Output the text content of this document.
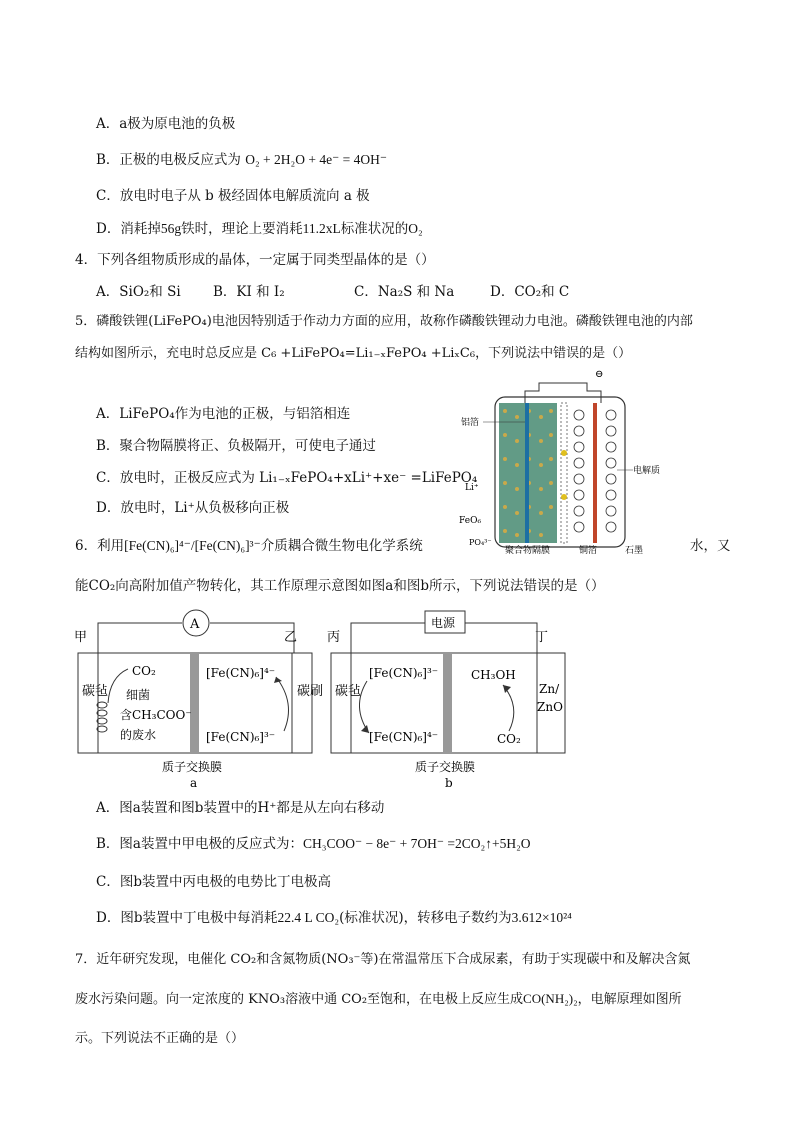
A．a极为原电池的负极
B．正极的电极反应式为 O₂ + 2H₂O + 4e⁻ = 4OH⁻
C．放电时电子从 b 极经固体电解质流向 a 极
D．消耗掉56g铁时，理论上要消耗11.2xL标准状况的O₂
4．下列各组物质形成的晶体，一定属于同类型晶体的是（）
A．SiO₂和 Si B．KI 和 I₂	C．Na₂S 和 Na	D．CO₂和 C
5．磷酸铁锂(LiFePO₄)电池因特别适于作动力方面的应用，故称作磷酸铁锂动力电池。磷酸铁锂电池的内部
结构如图所示，充电时总反应是 C₆ +LiFePO₄=Li₁₋ₓFePO₄ +LiₓC₆，下列说法中错误的是（）
A．LiFePO₄作为电池的正极，与铝箔相连
B．聚合物隔膜将正、负极隔开，可使电子通过
C．放电时，正极反应式为 Li₁₋ₓFePO₄+xLi⁺+xe⁻ =LiFePO₄
D．放电时，Li⁺从负极移向正极
⊖
铝箔
Li⁺
FeO₆
PO₄³⁻
聚合物隔膜	铜箔	石墨
电解质
6．利用[Fe(CN)₆]⁴⁻/[Fe(CN)₆]³⁻介质耦合微生物电化学系统	水，又
能CO₂向高附加值产物转化，其工作原理示意图如图a和图b所示，下列说法错误的是（）
A
甲	乙
碳毡	碳刷
CO₂
细菌
含CH₃COO⁻
的废水
[Fe(CN)₆]⁴⁻
[Fe(CN)₆]³⁻
质子交换膜
a
电源
丙	丁
碳毡
[Fe(CN)₆]³⁻
[Fe(CN)₆]⁴⁻
CH₃OH
CO₂
Zn/
ZnO
质子交换膜
b
A．图a装置和图b装置中的H⁺都是从左向右移动
B．图a装置中甲电极的反应式为：CH₃COO⁻ − 8e⁻ + 7OH⁻ =2CO₂↑+5H₂O
C．图b装置中丙电极的电势比丁电极高
D．图b装置中丁电极中每消耗22.4 L CO₂(标准状况)，转移电子数约为3.612×10²⁴
7．近年研究发现，电催化 CO₂和含氮物质(NO₃⁻等)在常温常压下合成尿素，有助于实现碳中和及解决含氮
废水污染问题。向一定浓度的 KNO₃溶液中通 CO₂至饱和，在电极上反应生成CO(NH₂)₂，电解原理如图所
示。下列说法不正确的是（）
